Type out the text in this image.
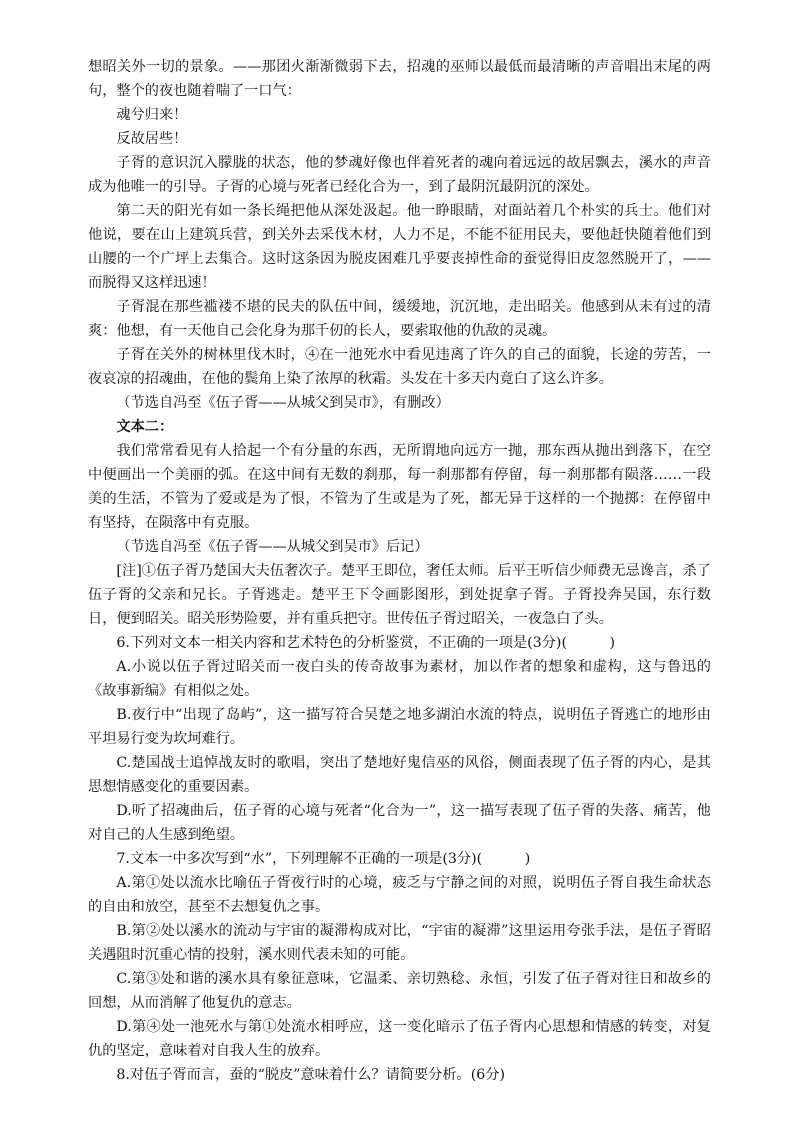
想昭关外一切的景象。——那团火渐渐微弱下去，招魂的巫师以最低而最清晰的声音唱出末尾的两句，整个的夜也随着喘了一口气：

魂兮归来！

反故居些！

子胥的意识沉入朦胧的状态，他的梦魂好像也伴着死者的魂向着远远的故居飘去，溪水的声音成为他唯一的引导。子胥的心境与死者已经化合为一，到了最阴沉最阴沉的深处。

第二天的阳光有如一条长绳把他从深处汲起。他一睁眼睛，对面站着几个朴实的兵士。他们对他说，要在山上建筑兵营，到关外去采伐木材，人力不足，不能不征用民夫，要他赶快随着他们到山腰的一个广坪上去集合。这时这条因为脱皮困难几乎要丧掉性命的蚕觉得旧皮忽然脱开了，——而脱得又这样迅速！

子胥混在那些褴褛不堪的民夫的队伍中间，缓缓地，沉沉地，走出昭关。他感到从未有过的清爽：他想，有一天他自己会化身为那千仞的长人，要索取他的仇敌的灵魂。

子胥在关外的树林里伐木时，④在一池死水中看见违离了许久的自己的面貌，长途的劳苦，一夜哀凉的招魂曲，在他的鬓角上染了浓厚的秋霜。头发在十多天内竟白了这么许多。

（节选自冯至《伍子胥——从城父到吴市》，有删改）

文本二：

我们常常看见有人拾起一个有分量的东西，无所谓地向远方一抛，那东西从抛出到落下，在空中便画出一个美丽的弧。在这中间有无数的刹那，每一刹那都有停留，每一刹那都有陨落……一段美的生活，不管为了爱或是为了恨，不管为了生或是为了死，都无异于这样的一个抛掷：在停留中有坚持，在陨落中有克服。

（节选自冯至《伍子胥——从城父到吴市》后记）

[注]①伍子胥乃楚国大夫伍奢次子。楚平王即位，奢任太师。后平王听信少师费无忌谗言，杀了伍子胥的父亲和兄长。子胥逃走。楚平王下令画影图形，到处捉拿子胥。子胥投奔吴国，东行数日，便到昭关。昭关形势险要，并有重兵把守。世传伍子胥过昭关，一夜急白了头。

6.下列对文本一相关内容和艺术特色的分析鉴赏，不正确的一项是(3分)(　　　)

A.小说以伍子胥过昭关而一夜白头的传奇故事为素材，加以作者的想象和虚构，这与鲁迅的《故事新编》有相似之处。

B.夜行中“出现了岛屿”，这一描写符合吴楚之地多湖泊水流的特点，说明伍子胥逃亡的地形由平坦易行变为坎坷难行。

C.楚国战士追悼战友时的歌唱，突出了楚地好鬼信巫的风俗，侧面表现了伍子胥的内心，是其思想情感变化的重要因素。

D.听了招魂曲后，伍子胥的心境与死者“化合为一”，这一描写表现了伍子胥的失落、痛苦，他对自己的人生感到绝望。

7.文本一中多次写到“水”，下列理解不正确的一项是(3分)(　　　)

A.第①处以流水比喻伍子胥夜行时的心境，疲乏与宁静之间的对照，说明伍子胥自我生命状态的自由和放空，甚至不去想复仇之事。

B.第②处以溪水的流动与宇宙的凝滞构成对比，“宇宙的凝滞”这里运用夸张手法，是伍子胥昭关遇阻时沉重心情的投射，溪水则代表未知的可能。

C.第③处和谐的溪水具有象征意味，它温柔、亲切熟稔、永恒，引发了伍子胥对往日和故乡的回想，从而消解了他复仇的意志。

D.第④处一池死水与第①处流水相呼应，这一变化暗示了伍子胥内心思想和情感的转变，对复仇的坚定，意味着对自我人生的放弃。

8.对伍子胥而言，蚕的“脱皮”意味着什么？请简要分析。(6分)
